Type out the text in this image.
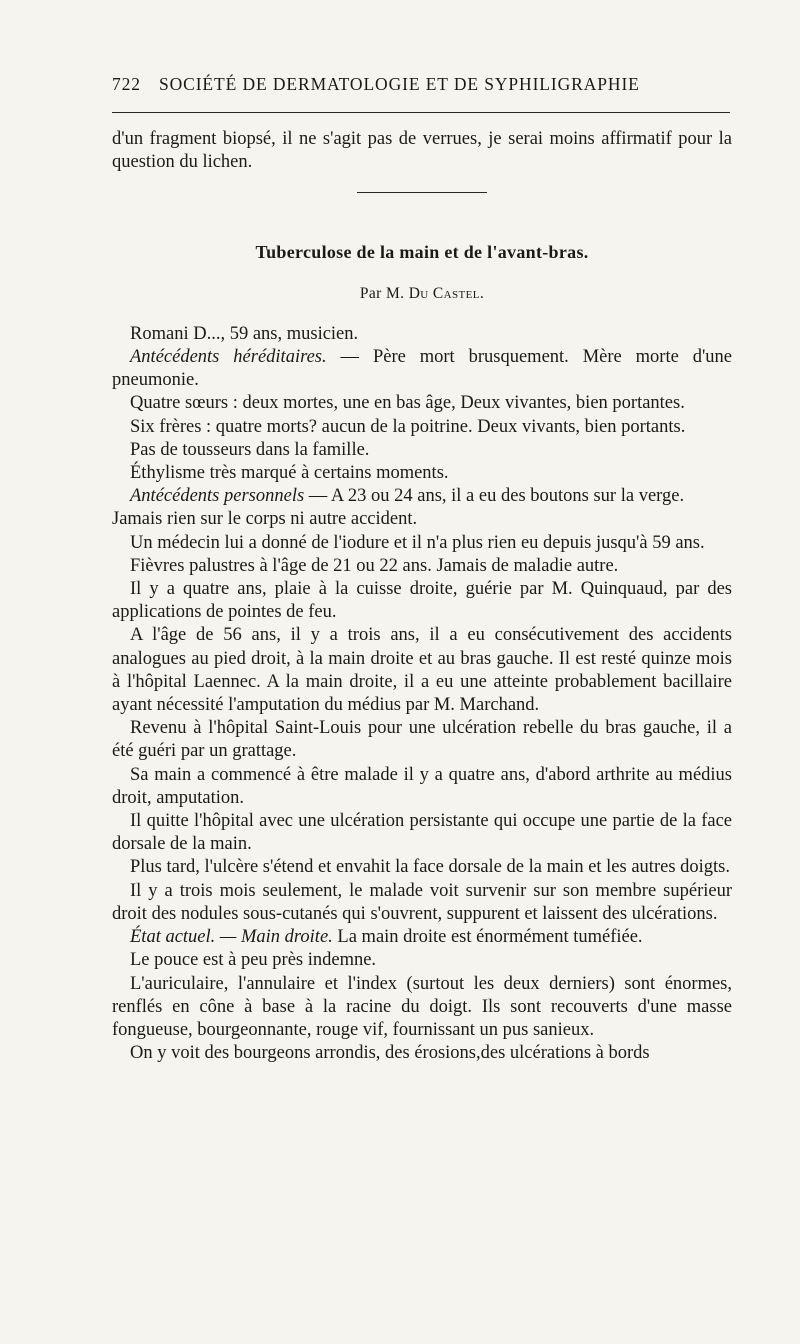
722 SOCIÉTÉ DE DERMATOLOGIE ET DE SYPHILIGRAPHIE

d'un fragment biopsé, il ne s'agit pas de verrues, je serai moins affirmatif pour la question du lichen.

Tuberculose de la main et de l'avant-bras.
Par M. Du Castel.

Romani D..., 59 ans, musicien.

Antécédents héréditaires. — Père mort brusquement. Mère morte d'une pneumonie.

Quatre sœurs : deux mortes, une en bas âge, Deux vivantes, bien portantes.

Six frères : quatre morts? aucun de la poitrine. Deux vivants, bien portants.

Pas de tousseurs dans la famille.

Éthylisme très marqué à certains moments.

Antécédents personnels — A 23 ou 24 ans, il a eu des boutons sur la verge.

Jamais rien sur le corps ni autre accident.

Un médecin lui a donné de l'iodure et il n'a plus rien eu depuis jusqu'à 59 ans.

Fièvres palustres à l'âge de 21 ou 22 ans. Jamais de maladie autre.

Il y a quatre ans, plaie à la cuisse droite, guérie par M. Quinquaud, par des applications de pointes de feu.

A l'âge de 56 ans, il y a trois ans, il a eu consécutivement des accidents analogues au pied droit, à la main droite et au bras gauche. Il est resté quinze mois à l'hôpital Laennec. A la main droite, il a eu une atteinte probablement bacillaire ayant nécessité l'amputation du médius par M. Marchand.

Revenu à l'hôpital Saint-Louis pour une ulcération rebelle du bras gauche, il a été guéri par un grattage.

Sa main a commencé à être malade il y a quatre ans, d'abord arthrite au médius droit, amputation.

Il quitte l'hôpital avec une ulcération persistante qui occupe une partie de la face dorsale de la main.

Plus tard, l'ulcère s'étend et envahit la face dorsale de la main et les autres doigts.

Il y a trois mois seulement, le malade voit survenir sur son membre supérieur droit des nodules sous-cutanés qui s'ouvrent, suppurent et laissent des ulcérations.

État actuel. — Main droite. La main droite est énormément tuméfiée.

Le pouce est à peu près indemne.

L'auriculaire, l'annulaire et l'index (surtout les deux derniers) sont énormes, renflés en cône à base à la racine du doigt. Ils sont recouverts d'une masse fongueuse, bourgeonnante, rouge vif, fournissant un pus sanieux.

On y voit des bourgeons arrondis, des érosions,des ulcérations à bords
